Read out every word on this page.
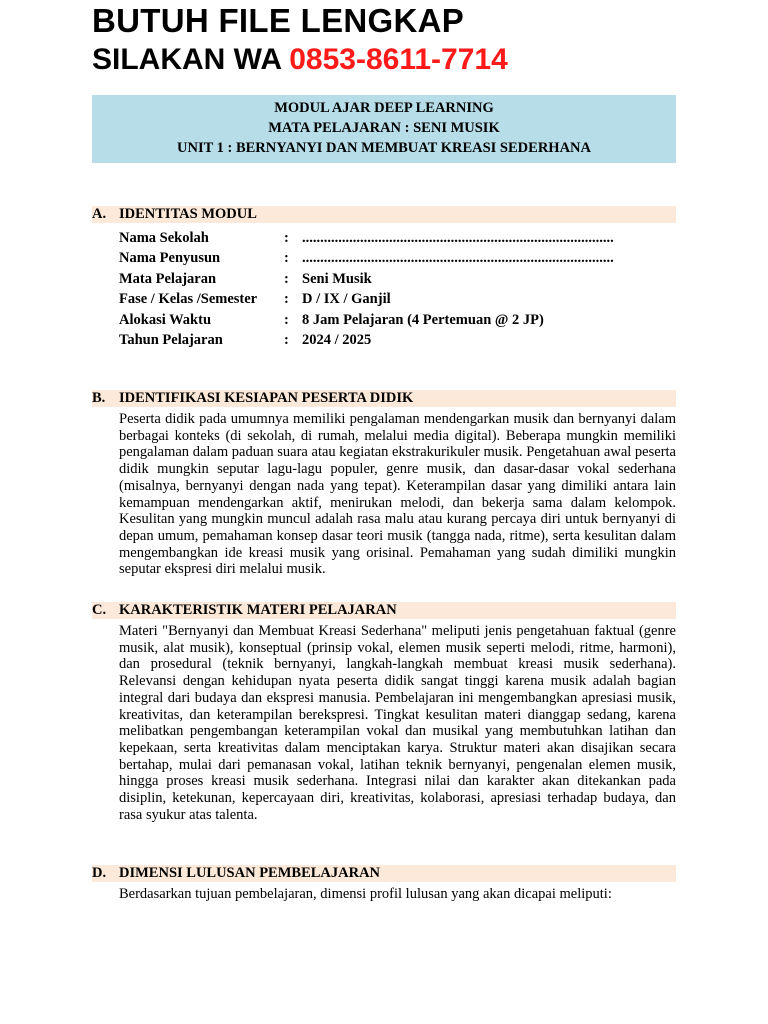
BUTUH FILE LENGKAP
SILAKAN WA 0853-8611-7714
MODUL AJAR DEEP LEARNING
MATA PELAJARAN : SENI MUSIK
UNIT 1 : BERNYANYI DAN MEMBUAT KREASI SEDERHANA
A. IDENTITAS MODUL
Nama Sekolah	: ......................................................................................
Nama Penyusun	: ......................................................................................
Mata Pelajaran	: Seni Musik
Fase / Kelas /Semester : D / IX / Ganjil
Alokasi Waktu	: 8 Jam Pelajaran (4 Pertemuan @ 2 JP)
Tahun Pelajaran	: 2024 / 2025
B. IDENTIFIKASI KESIAPAN PESERTA DIDIK
Peserta didik pada umumnya memiliki pengalaman mendengarkan musik dan bernyanyi dalam berbagai konteks (di sekolah, di rumah, melalui media digital). Beberapa mungkin memiliki pengalaman dalam paduan suara atau kegiatan ekstrakurikuler musik. Pengetahuan awal peserta didik mungkin seputar lagu-lagu populer, genre musik, dan dasar-dasar vokal sederhana (misalnya, bernyanyi dengan nada yang tepat). Keterampilan dasar yang dimiliki antara lain kemampuan mendengarkan aktif, menirukan melodi, dan bekerja sama dalam kelompok. Kesulitan yang mungkin muncul adalah rasa malu atau kurang percaya diri untuk bernyanyi di depan umum, pemahaman konsep dasar teori musik (tangga nada, ritme), serta kesulitan dalam mengembangkan ide kreasi musik yang orisinal. Pemahaman yang sudah dimiliki mungkin seputar ekspresi diri melalui musik.
C. KARAKTERISTIK MATERI PELAJARAN
Materi "Bernyanyi dan Membuat Kreasi Sederhana" meliputi jenis pengetahuan faktual (genre musik, alat musik), konseptual (prinsip vokal, elemen musik seperti melodi, ritme, harmoni), dan prosedural (teknik bernyanyi, langkah-langkah membuat kreasi musik sederhana). Relevansi dengan kehidupan nyata peserta didik sangat tinggi karena musik adalah bagian integral dari budaya dan ekspresi manusia. Pembelajaran ini mengembangkan apresiasi musik, kreativitas, dan keterampilan berekspresi. Tingkat kesulitan materi dianggap sedang, karena melibatkan pengembangan keterampilan vokal dan musikal yang membutuhkan latihan dan kepekaan, serta kreativitas dalam menciptakan karya. Struktur materi akan disajikan secara bertahap, mulai dari pemanasan vokal, latihan teknik bernyanyi, pengenalan elemen musik, hingga proses kreasi musik sederhana. Integrasi nilai dan karakter akan ditekankan pada disiplin, ketekunan, kepercayaan diri, kreativitas, kolaborasi, apresiasi terhadap budaya, dan rasa syukur atas talenta.
D. DIMENSI LULUSAN PEMBELAJARAN
Berdasarkan tujuan pembelajaran, dimensi profil lulusan yang akan dicapai meliputi:
